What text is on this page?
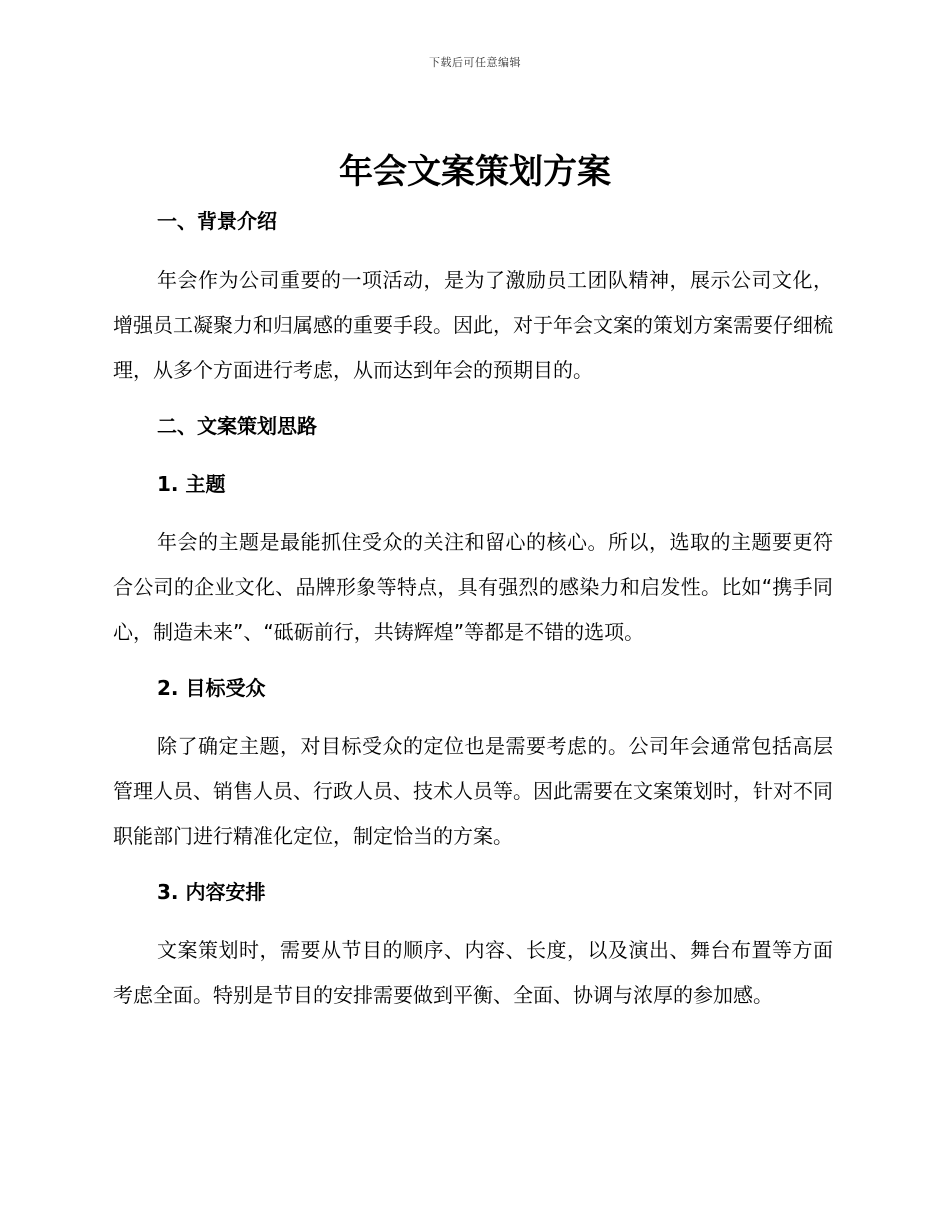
下载后可任意编辑
年会文案策划方案
一、背景介绍

年会作为公司重要的一项活动，是为了激励员工团队精神，展示公司文化，增强员工凝聚力和归属感的重要手段。因此，对于年会文案的策划方案需要仔细梳理，从多个方面进行考虑，从而达到年会的预期目的。

二、文案策划思路
1. 主题

年会的主题是最能抓住受众的关注和留心的核心。所以，选取的主题要更符合公司的企业文化、品牌形象等特点，具有强烈的感染力和启发性。比如“携手同心，制造未来”、“砥砺前行，共铸辉煌”等都是不错的选项。

2. 目标受众

除了确定主题，对目标受众的定位也是需要考虑的。公司年会通常包括高层管理人员、销售人员、行政人员、技术人员等。因此需要在文案策划时，针对不同职能部门进行精准化定位，制定恰当的方案。

3. 内容安排

文案策划时，需要从节目的顺序、内容、长度，以及演出、舞台布置等方面考虑全面。特别是节目的安排需要做到平衡、全面、协调与浓厚的参加感。
